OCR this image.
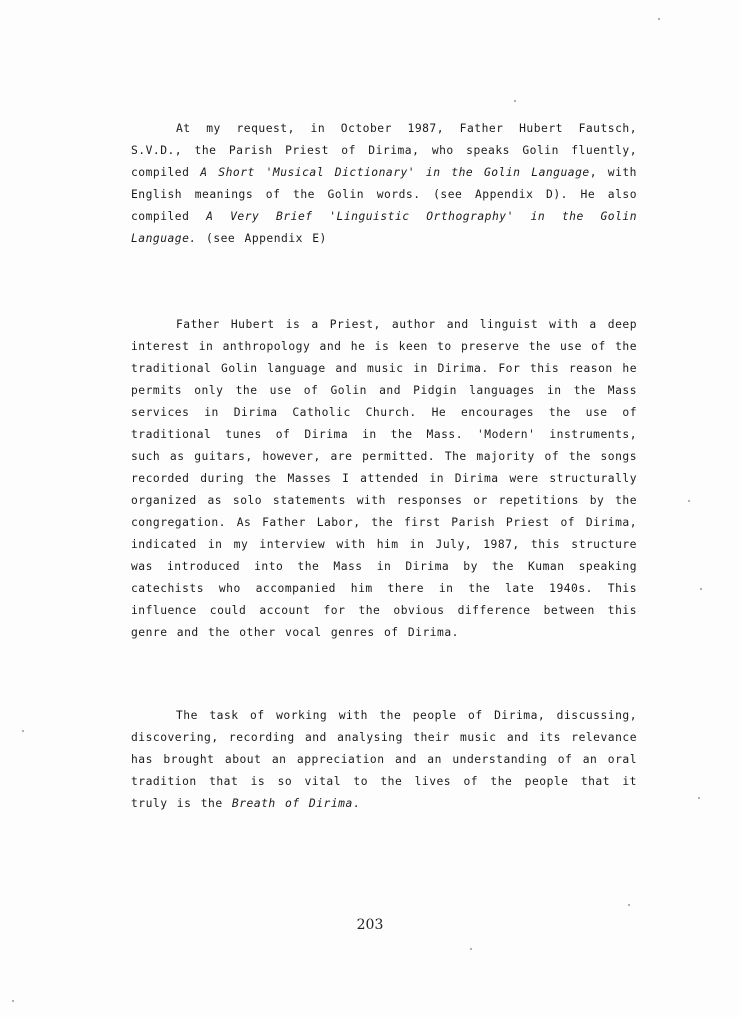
At my request, in October 1987, Father Hubert Fautsch, S.V.D., the Parish Priest of Dirima, who speaks Golin fluently, compiled A Short 'Musical Dictionary' in the Golin Language, with English meanings of the Golin words. (see Appendix D). He also compiled A Very Brief 'Linguistic Orthography' in the Golin Language. (see Appendix E)

Father Hubert is a Priest, author and linguist with a deep interest in anthropology and he is keen to preserve the use of the traditional Golin language and music in Dirima. For this reason he permits only the use of Golin and Pidgin languages in the Mass services in Dirima Catholic Church. He encourages the use of traditional tunes of Dirima in the Mass. 'Modern' instruments, such as guitars, however, are permitted. The majority of the songs recorded during the Masses I attended in Dirima were structurally organized as solo statements with responses or repetitions by the congregation. As Father Labor, the first Parish Priest of Dirima, indicated in my interview with him in July, 1987, this structure was introduced into the Mass in Dirima by the Kuman speaking catechists who accompanied him there in the late 1940s. This influence could account for the obvious difference between this genre and the other vocal genres of Dirima.

The task of working with the people of Dirima, discussing, discovering, recording and analysing their music and its relevance has brought about an appreciation and an understanding of an oral tradition that is so vital to the lives of the people that it truly is the Breath of Dirima.

203
